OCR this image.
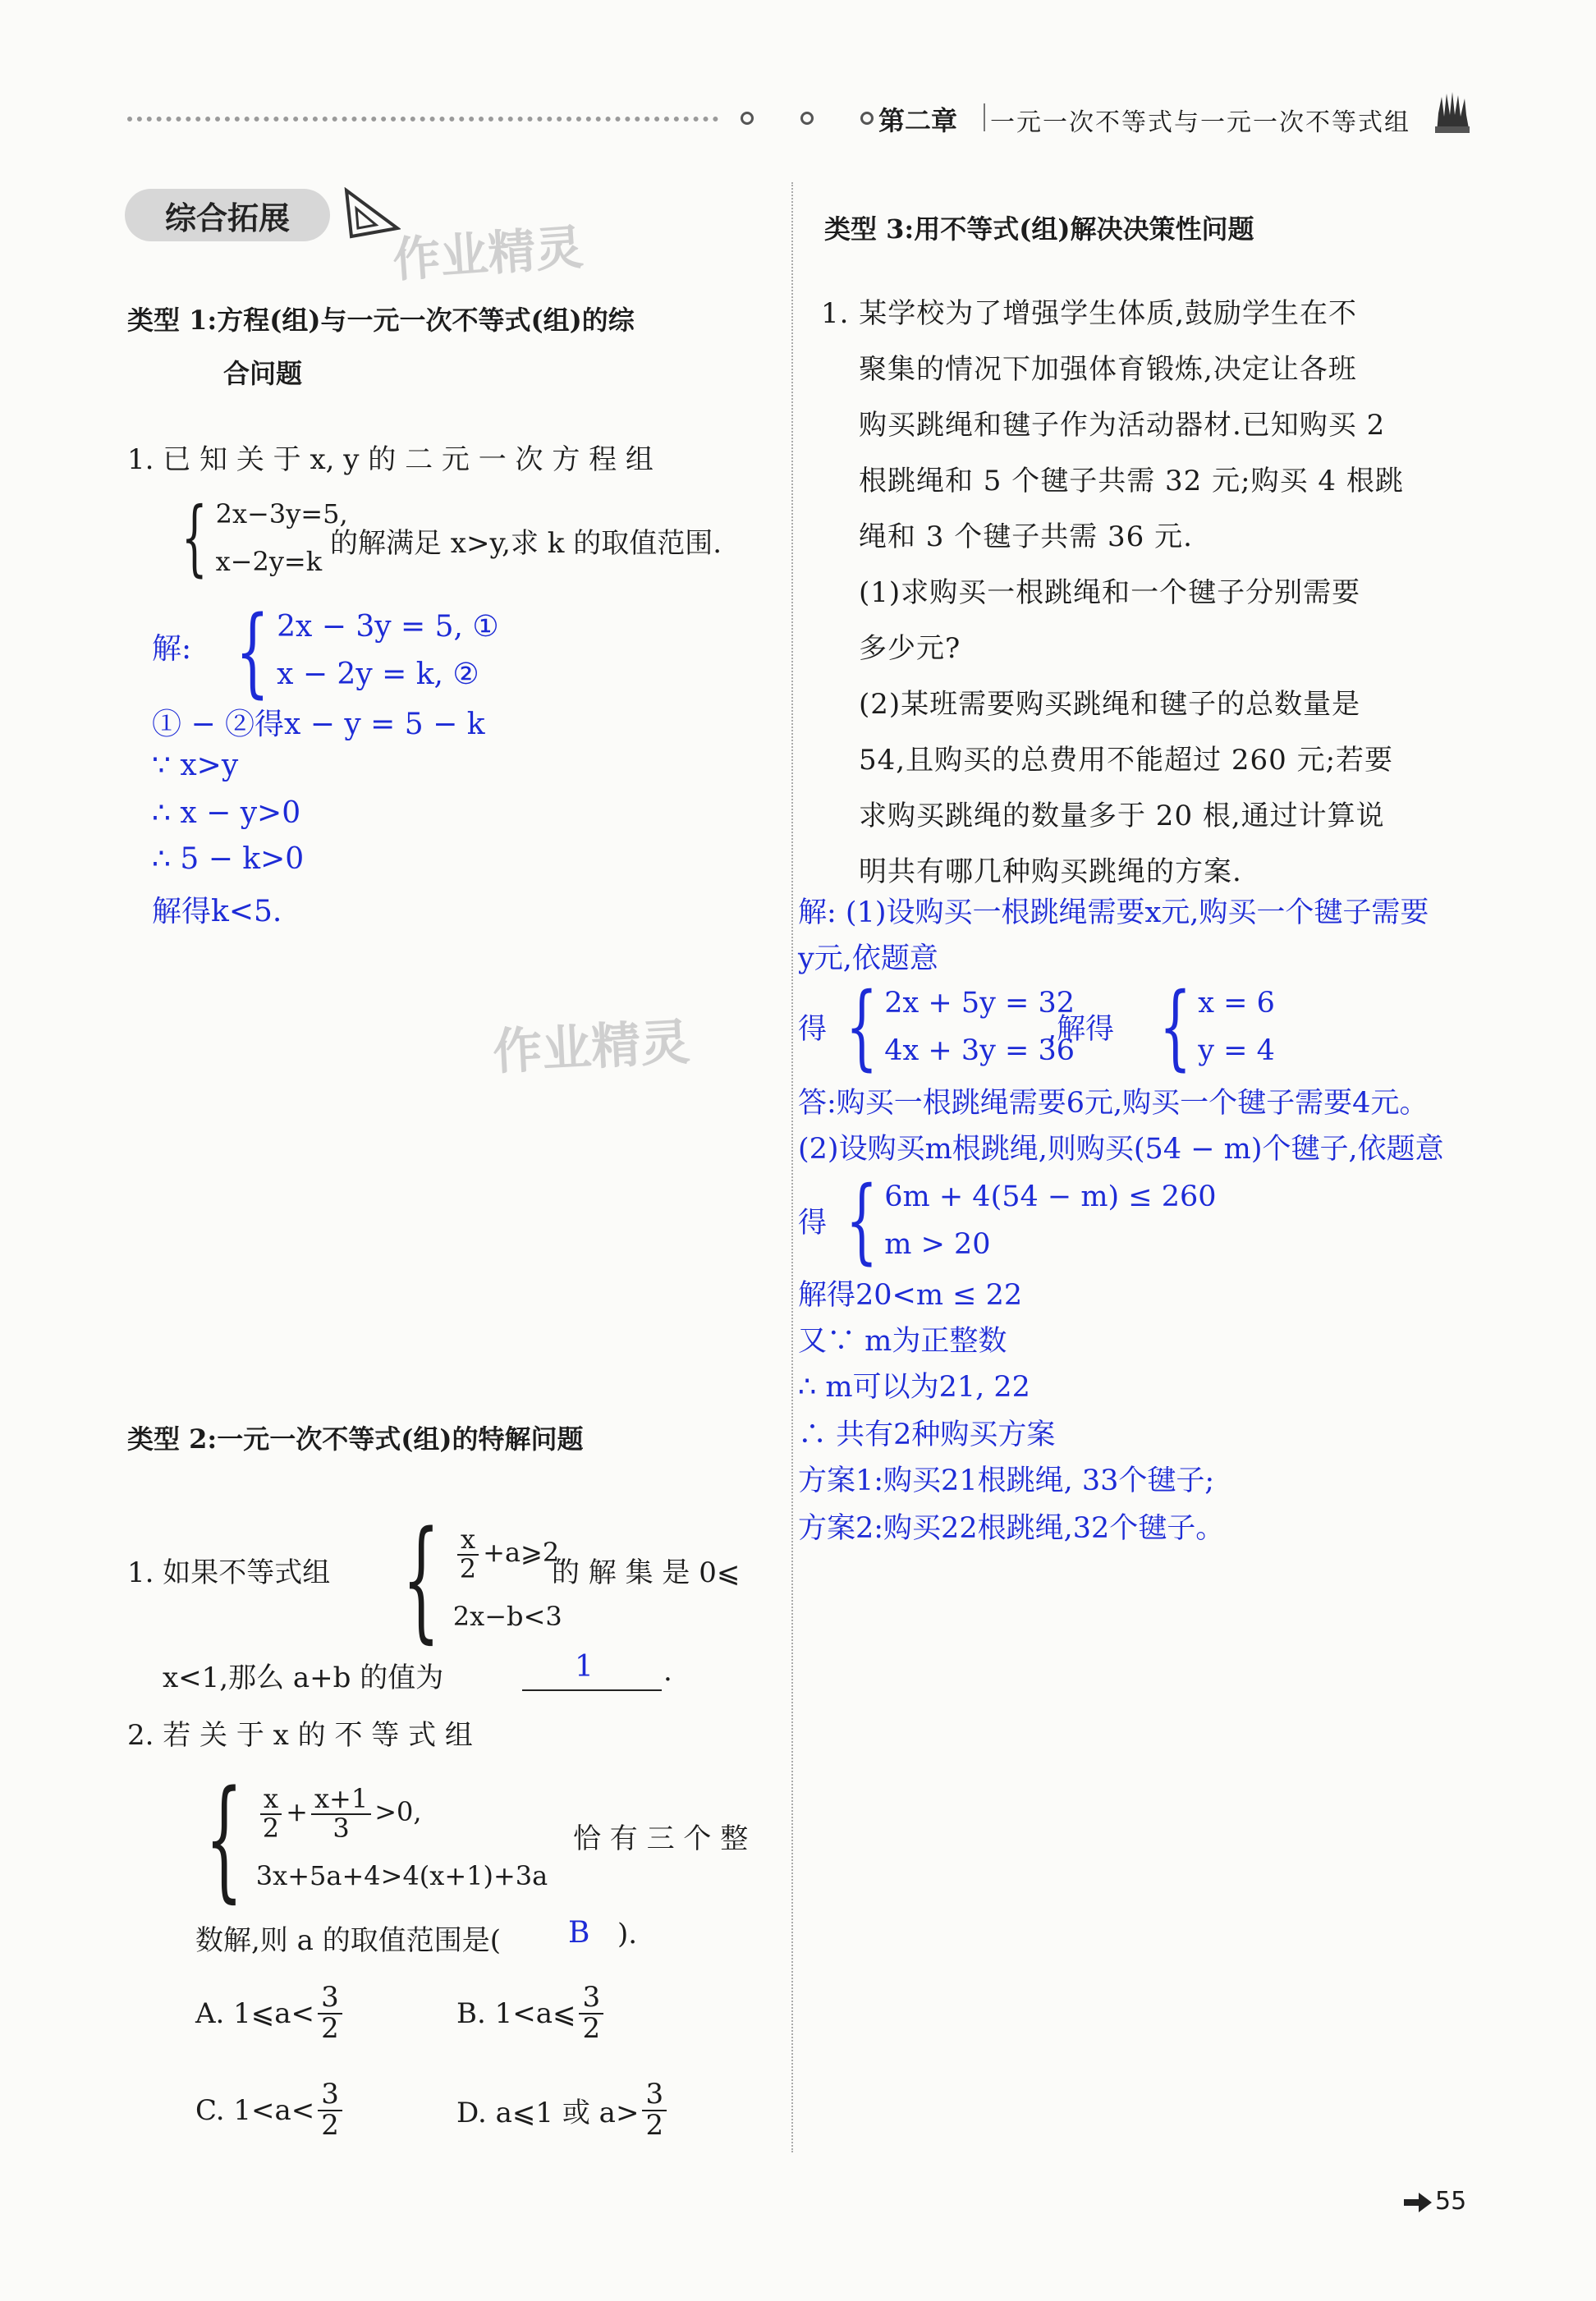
第二章 一元一次不等式与一元一次不等式组
综合拓展
作业精灵
作业精灵
类型 1:方程(组)与一元一次不等式(组)的综
合问题
1. 已 知 关 于 x, y 的 二 元 一 次 方 程 组
{ 2x−3y=5,
x−2y=k
的解满足 x>y,求 k 的取值范围.
解: { 2x − 3y = 5, ①
x − 2y = k, ②
① − ②得x − y = 5 − k
∵ x>y
∴ x − y>0
∴ 5 − k>0
解得k<5.
类型 2:一元一次不等式(组)的特解问题
1. 如果不等式组 { $\frac{x}{2}$ +a⩾2,
2x−b<3
的 解 集 是 0⩽
x<1,那么 a+b 的值为	1	.
2. 若 关 于 x 的 不 等 式 组
{ $\frac{x}{2} + \frac{x+1}{3} >0$,
3x+5a+4>4(x+1)+3a
恰 有 三 个 整
数解,则 a 的取值范围是( B ).
A. 1⩽a< $\frac{3}{2}$	B. 1<a⩽ $\frac{3}{2}$
C. $1<a< \frac{3}{2}$	D. a⩽1 或 $a> \frac{3}{2}$
类型 3:用不等式(组)解决决策性问题
1. 某学校为了增强学生体质,鼓励学生在不
聚集的情况下加强体育锻炼,决定让各班
购买跳绳和毽子作为活动器材.已知购买 2
根跳绳和 5 个毽子共需 32 元;购买 4 根跳
绳和 3 个毽子共需 36 元.
(1)求购买一根跳绳和一个毽子分别需要
多少元?
(2)某班需要购买跳绳和毽子的总数量是
54,且购买的总费用不能超过 260 元;若要
求购买跳绳的数量多于 20 根,通过计算说
明共有哪几种购买跳绳的方案.
解: (1)设购买一根跳绳需要x元,购买一个毽子需要
y元,依题意
得 { 2x + 5y = 32
4x + 3y = 36
,解得 { x = 6
y = 4
答:购买一根跳绳需要6元,购买一个毽子需要4元。
(2)设购买m根跳绳,则购买(54 − m)个毽子,依题意
得 { 6m + 4(54 − m) ≤ 260
m > 20
解得20<m ≤ 22
又∵ m为正整数
∴ m可以为21, 22
∴ 共有2种购买方案
方案1:购买21根跳绳, 33个毽子;
方案2:购买22根跳绳,32个毽子。
55
